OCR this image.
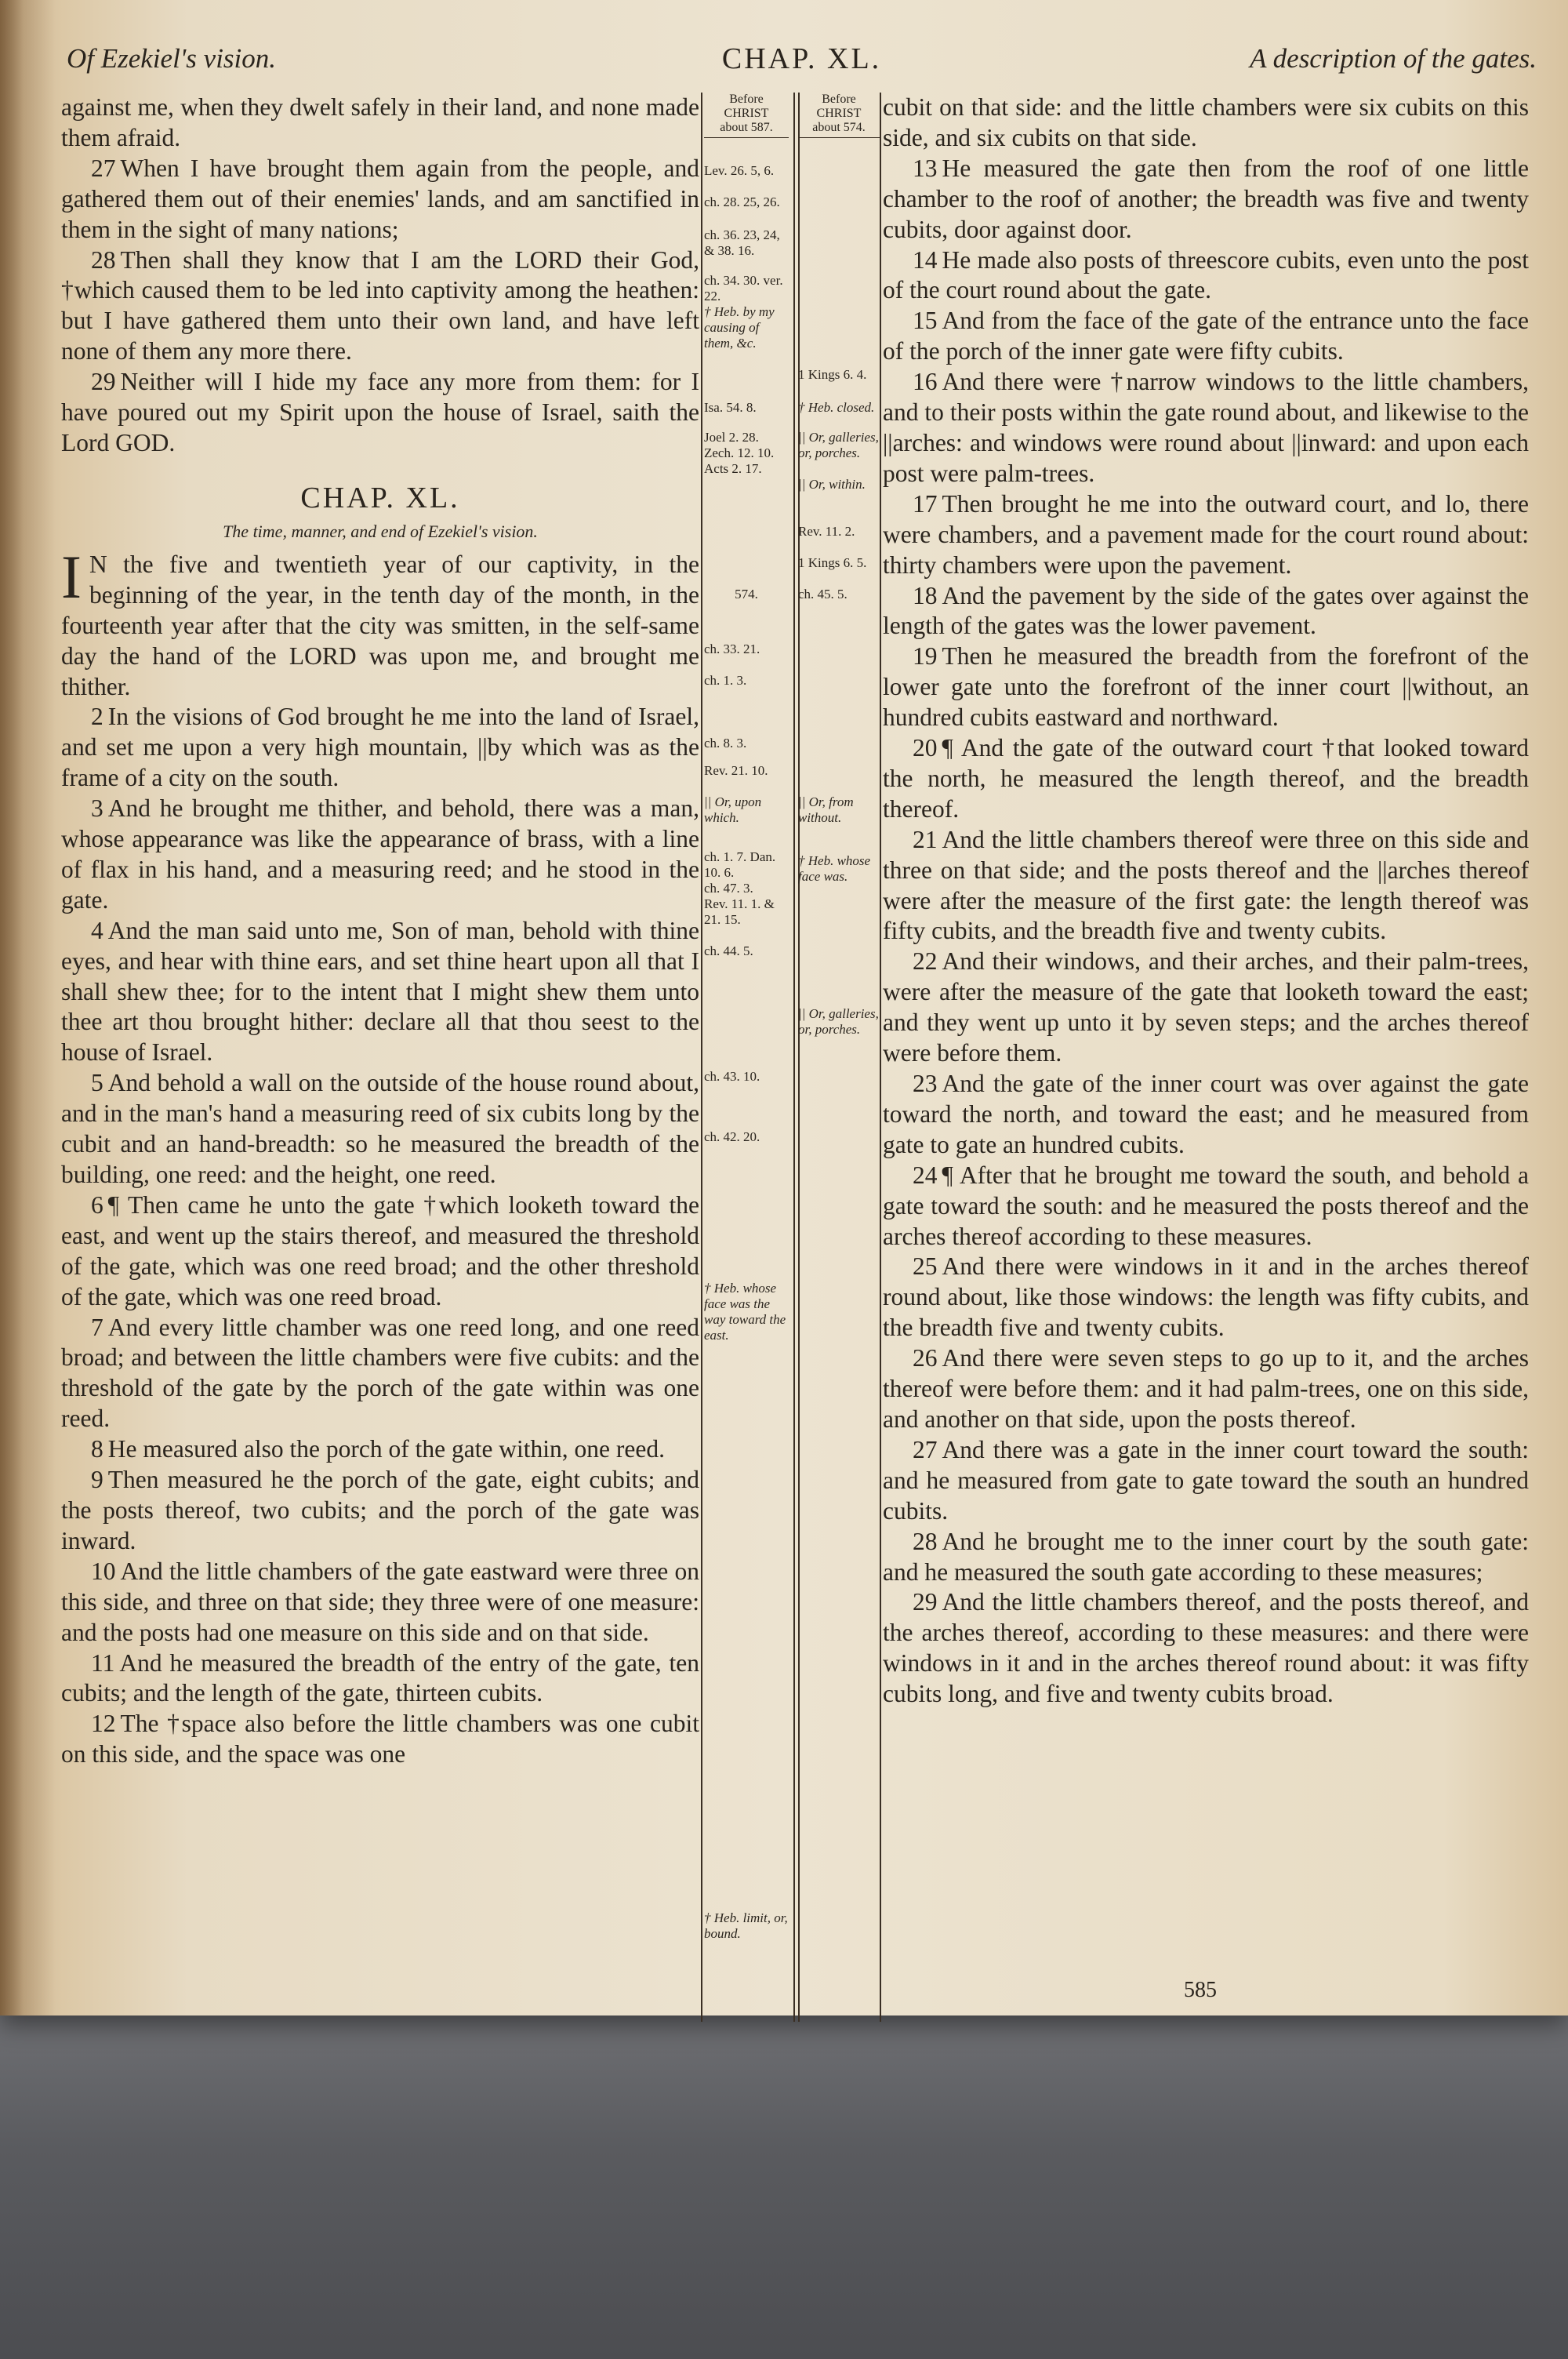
Of Ezekiel's vision.	CHAP. XL.	A description of the gates.

against me, when they dwelt safely in their land, and none made them afraid.

27 When I have brought them again from the people, and gathered them out of their enemies' lands, and am sanctified in them in the sight of many nations;

28 Then shall they know that I am the LORD their God, †which caused them to be led into captivity among the heathen: but I have gathered them unto their own land, and have left none of them any more there.

29 Neither will I hide my face any more from them: for I have poured out my Spirit upon the house of Israel, saith the Lord GOD.

CHAP. XL.
The time, manner, and end of Ezekiel's vision.

I N the five and twentieth year of our captivity, in the beginning of the year, in the tenth day of the month, in the fourteenth year after that the city was smitten, in the self-same day the hand of the LORD was upon me, and brought me thither.

2 In the visions of God brought he me into the land of Israel, and set me upon a very high mountain, ||by which was as the frame of a city on the south.

3 And he brought me thither, and behold, there was a man, whose appearance was like the appearance of brass, with a line of flax in his hand, and a measuring reed; and he stood in the gate.

4 And the man said unto me, Son of man, behold with thine eyes, and hear with thine ears, and set thine heart upon all that I shall shew thee; for to the intent that I might shew them unto thee art thou brought hither: declare all that thou seest to the house of Israel.

5 And behold a wall on the outside of the house round about, and in the man's hand a measuring reed of six cubits long by the cubit and an hand-breadth: so he measured the breadth of the building, one reed: and the height, one reed.

6 ¶ Then came he unto the gate †which looketh toward the east, and went up the stairs thereof, and measured the threshold of the gate, which was one reed broad; and the other threshold of the gate, which was one reed broad.

7 And every little chamber was one reed long, and one reed broad; and between the little chambers were five cubits: and the threshold of the gate by the porch of the gate within was one reed.

8 He measured also the porch of the gate within, one reed.

9 Then measured he the porch of the gate, eight cubits; and the posts thereof, two cubits; and the porch of the gate was inward.

10 And the little chambers of the gate eastward were three on this side, and three on that side; they three were of one measure: and the posts had one measure on this side and on that side.

11 And he measured the breadth of the entry of the gate, ten cubits; and the length of the gate, thirteen cubits.

12 The †space also before the little chambers was one cubit on this side, and the space was one

Before
CHRIST
about 587.
Lev. 26. 5, 6.
ch. 28. 25, 26.
ch. 36. 23, 24, & 38. 16.
ch. 34. 30. ver. 22.
† Heb. by my causing of them, &c.
Isa. 54. 8.
Joel 2. 28. Zech. 12. 10. Acts 2. 17.
574.
ch. 33. 21.
ch. 1. 3.
ch. 8. 3.
Rev. 21. 10.
|| Or, upon which.
ch. 1. 7. Dan. 10. 6.
ch. 47. 3.
Rev. 11. 1. & 21. 15.
ch. 44. 5.
ch. 43. 10.
ch. 42. 20.
† Heb. whose face was the way toward the east.
† Heb. limit, or, bound.
Before
CHRIST
about 574.
1 Kings 6. 4.
† Heb. closed.
|| Or, galleries, or, porches.
|| Or, within.
Rev. 11. 2.
1 Kings 6. 5.
ch. 45. 5.
|| Or, from without.
† Heb. whose face was.
|| Or, galleries, or, porches.

cubit on that side: and the little chambers were six cubits on this side, and six cubits on that side.

13 He measured the gate then from the roof of one little chamber to the roof of another; the breadth was five and twenty cubits, door against door.

14 He made also posts of threescore cubits, even unto the post of the court round about the gate.

15 And from the face of the gate of the entrance unto the face of the porch of the inner gate were fifty cubits.

16 And there were †narrow windows to the little chambers, and to their posts within the gate round about, and likewise to the ||arches: and windows were round about ||inward: and upon each post were palm-trees.

17 Then brought he me into the outward court, and lo, there were chambers, and a pavement made for the court round about: thirty chambers were upon the pavement.

18 And the pavement by the side of the gates over against the length of the gates was the lower pavement.

19 Then he measured the breadth from the forefront of the lower gate unto the forefront of the inner court ||without, an hundred cubits eastward and northward.

20 ¶ And the gate of the outward court †that looked toward the north, he measured the length thereof, and the breadth thereof.

21 And the little chambers thereof were three on this side and three on that side; and the posts thereof and the ||arches thereof were after the measure of the first gate: the length thereof was fifty cubits, and the breadth five and twenty cubits.

22 And their windows, and their arches, and their palm-trees, were after the measure of the gate that looketh toward the east; and they went up unto it by seven steps; and the arches thereof were before them.

23 And the gate of the inner court was over against the gate toward the north, and toward the east; and he measured from gate to gate an hundred cubits.

24 ¶ After that he brought me toward the south, and behold a gate toward the south: and he measured the posts thereof and the arches thereof according to these measures.

25 And there were windows in it and in the arches thereof round about, like those windows: the length was fifty cubits, and the breadth five and twenty cubits.

26 And there were seven steps to go up to it, and the arches thereof were before them: and it had palm-trees, one on this side, and another on that side, upon the posts thereof.

27 And there was a gate in the inner court toward the south: and he measured from gate to gate toward the south an hundred cubits.

28 And he brought me to the inner court by the south gate: and he measured the south gate according to these measures;

29 And the little chambers thereof, and the posts thereof, and the arches thereof, according to these measures: and there were windows in it and in the arches thereof round about: it was fifty cubits long, and five and twenty cubits broad.

585
